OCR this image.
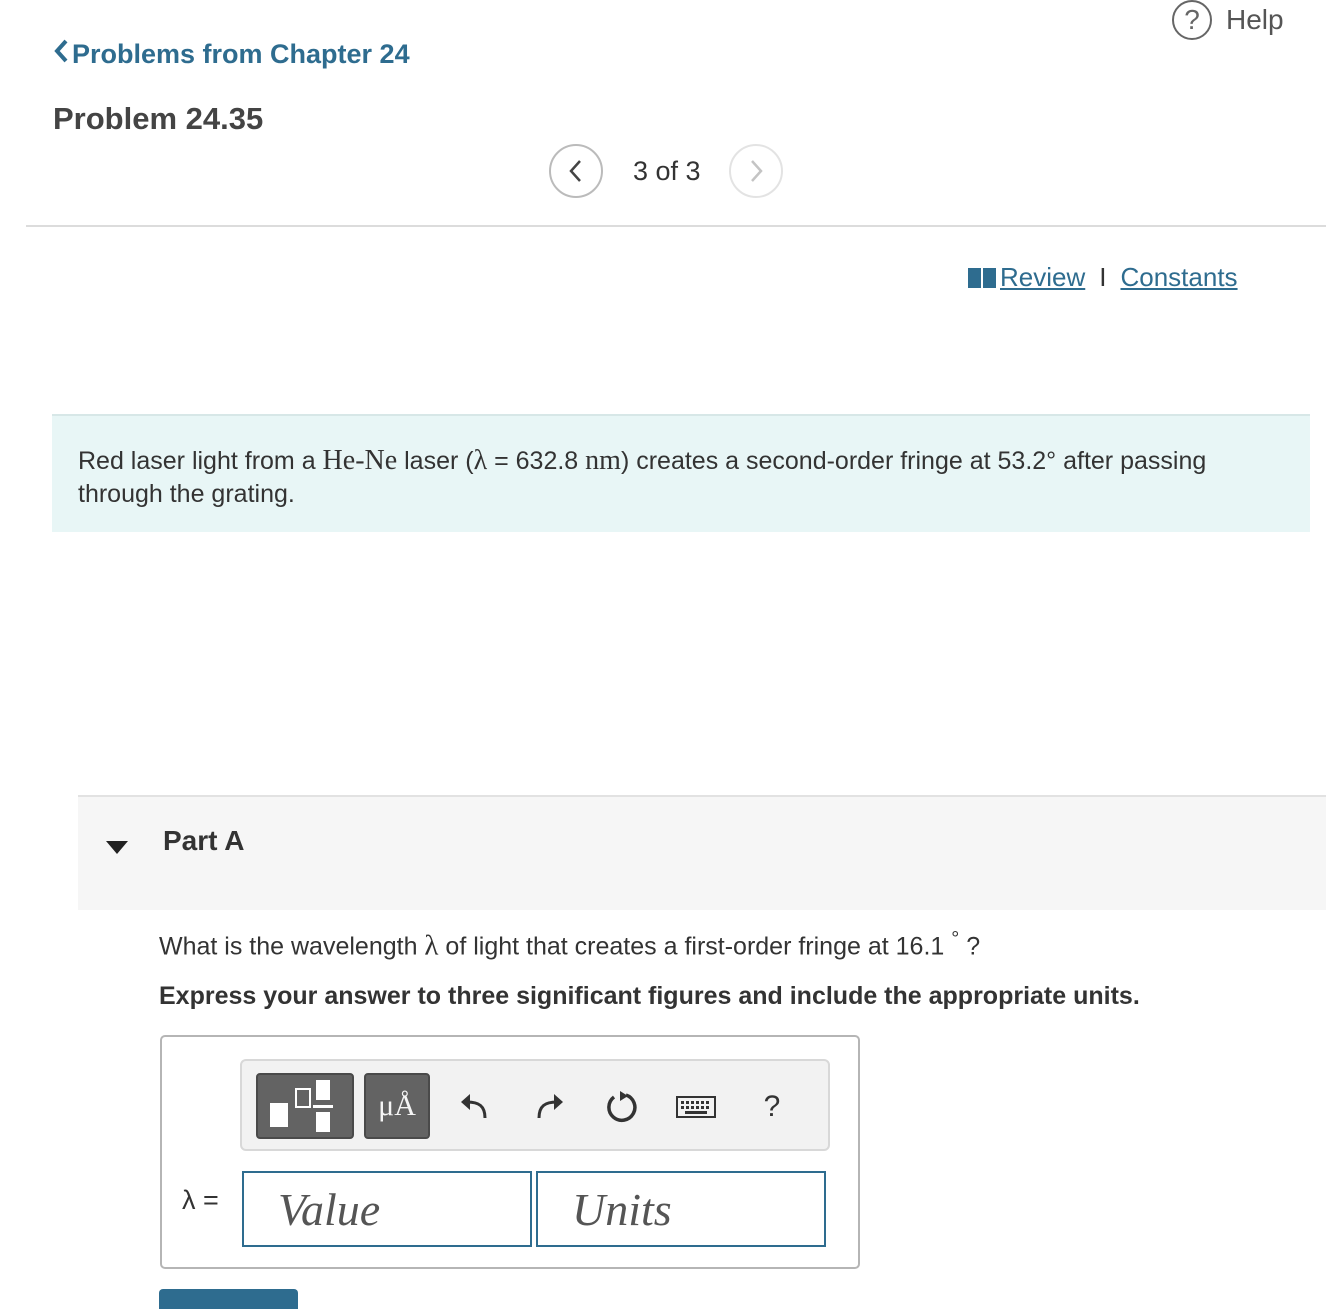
? Help
Problems from Chapter 24
Problem 24.35
3 of 3
Review I Constants
Red laser light from a He-Ne laser (λ = 632.8 nm) creates a second-order fringe at 53.2° after passing through the grating.
Part A
What is the wavelength λ of light that creates a first-order fringe at 16.1 ° ?
Express your answer to three significant figures and include the appropriate units.
μÅ	?
λ =
Value
Units
